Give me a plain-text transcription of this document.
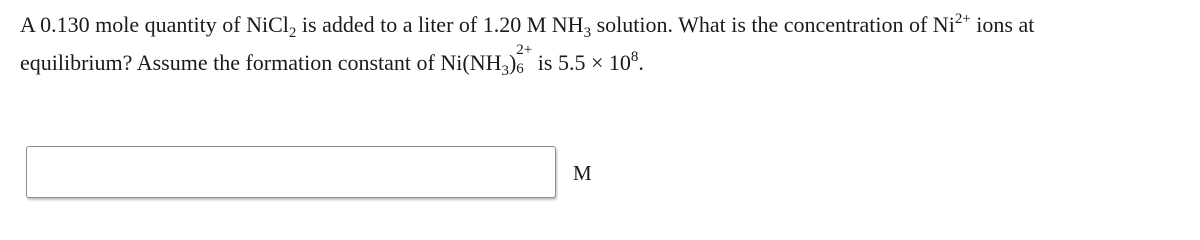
A 0.130 mole quantity of NiCl$_2$ is added to a liter of 1.20 M $NH_3$ solution. What is the concentration of $Ni^{2+}$ ions at
equilibrium? Assume the formation constant of $Ni(NH_3)$ 2+
6 is $5.5 \times 10^8$.
M
